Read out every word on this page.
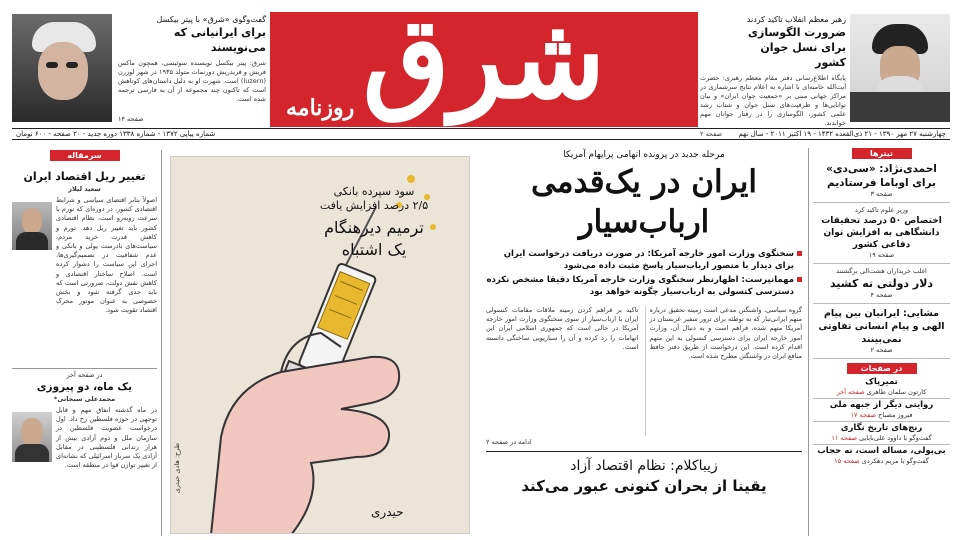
رهبر معظم انقلاب تاکید کردند
ضرورت الگوسازی برای نسل جوان کشور
پایگاه اطلاع‌رسانی دفتر مقام معظم رهبری: حضرت آیت‌الله خامنه‌ای با اشاره به اعلام نتایج سرشماری در مراکز جهانی مبنی بر «جمعیت جوان ایران» و بیان توانایی‌ها و ظرفیت‌های نسل جوان و شتاب رشد علمی کشور، الگوسازی را در رفتار جوانان مهم خواندند.
صفحه ۲
شرق
روزنامه
گفت‌وگوی «شرق» با پیتر بیکسل
برای ایرانیانی که می‌نویسند
شرق: پیتر بیکسل نویسنده سوئیسی، همچون ماکس فریش و فریدریش دورنمات متولد ۱۹۳۵ در شهر لوزرن (luzern) است. شهرت او به دلیل داستان‌های کوتاهش است که تاکنون چند مجموعه از آن به فارسی ترجمه شده است.
صفحه ۱۴
چهارشنبه ۲۷ مهر ۱۳۹۰ - ۲۱ ذی‌القعده ۱۴۳۲ - ۱۹ اکتبر ۲۰۱۱ - سال نهم
شماره پیاپی ۱۳۷۲ - شماره ۱۳۳۸ دوره جدید - ۲۰ صفحه - ۶۰۰ تومان
تیترها
احمدی‌نژاد: «سی‌دی» برای اوباما فرستادیم
صفحه ۳
وزیر علوم تاکید کرد
اختصاص ۵۰ درصد تحقیقات دانشگاهی به افزایش توان دفاعی کشور
صفحه ۱۹
اغلب خریداران هشت‌الی برگشتند
دلار دولتی ته کشید
صفحه ۴
مشایی: ایرانیان بین پیام الهی و پیام انسانی تفاوتی نمی‌بینند
صفحه ۲
در صفحات
تمیرپاک
کارتون سلمان طاهری صفحه آخر
روایتی دیگر از جبهه ملی
فیروز مصباح صفحه ۱۷
رنج‌های تاریخ نگاری
گفت‌وگو با داوود علی‌بابایی صفحه ۱۱
بی‌پولی، مساله است، نه حجاب
گفت‌وگو با مریم دهکردی صفحه ۱۵
مرحله جدید در پرونده اتهامی پرایهام آمریکا
ایران در یک‌قدمی
ارباب‌سیار
سخنگوی وزارت امور خارجه آمریکا: در صورت دریافت درخواست ایران برای دیدار با منصور ارباب‌سیار پاسخ مثبت داده می‌شود
مهمانپرست: اظهارنظر سخنگوی وزارت خارجه آمریکا دقیقا مشخص نکرده دسترسی کنسولی به ارباب‌سیار چگونه خواهد بود
گروه سیاسی، واشنگتن مدعی است زمینه تحقیق درباره متهم ایرانی‌تبار که به توطئه برای ترور سفیر عربستان در آمریکا متهم شده، فراهم است و به دنبال آن، وزارت امور خارجه ایران برای دسترسی کنسولی به این متهم اقدام کرده است. این درخواست از طریق دفتر حافظ منافع ایران در واشنگتن مطرح شده است.
تاکید بر فراهم کردن زمینه ملاقات مقامات کنسولی ایران با ارباب‌سیار از سوی سخنگوی وزارت امور خارجه آمریکا در حالی است که جمهوری اسلامی ایران این اتهامات را رد کرده و آن را سناریویی ساختگی دانسته است.
ادامه در صفحه ۲
زیباکلام: نظام اقتصاد آزاد
یقینا از بحران کنونی عبور می‌کند
سود سپرده بانکی
۲/۵ درصد افزایش یافت
ترمیم دیرهنگام
یک اشتباه
طرح: هادی حیدری
حیدری
سرمقاله
تغییر ریل اقتصاد ایران
سعید لیلاز
اصولاً بنابر اقتضای سیاسی و شرایط اقتصادی کشور، در دوره‌ای که تورم با سرعت روبه‌رو است، نظام اقتصادی کشور باید تغییر ریل دهد. تورم و کاهش قدرت خرید مردم، سیاست‌های نادرست پولی و بانکی و عدم شفافیت در تصمیم‌گیری‌ها، اجرای این سیاست را دشوار کرده است. اصلاح ساختار اقتصادی و کاهش نقش دولت، ضرورتی است که باید جدی گرفته شود و بخش خصوصی به عنوان موتور محرک اقتصاد تقویت شود.
در صفحه آخر
یک ماه، دو پیروزی
محمدعلی سبحانی*
در ماه گذشته اتفاق مهم و قابل توجهی در حوزه فلسطین رخ داد. اول درخواست عضویت فلسطین در سازمان ملل و دوم آزادی بیش از هزار زندانی فلسطینی در مقابل آزادی یک سرباز اسرائیلی که نشانه‌ای از تغییر توازن قوا در منطقه است.
